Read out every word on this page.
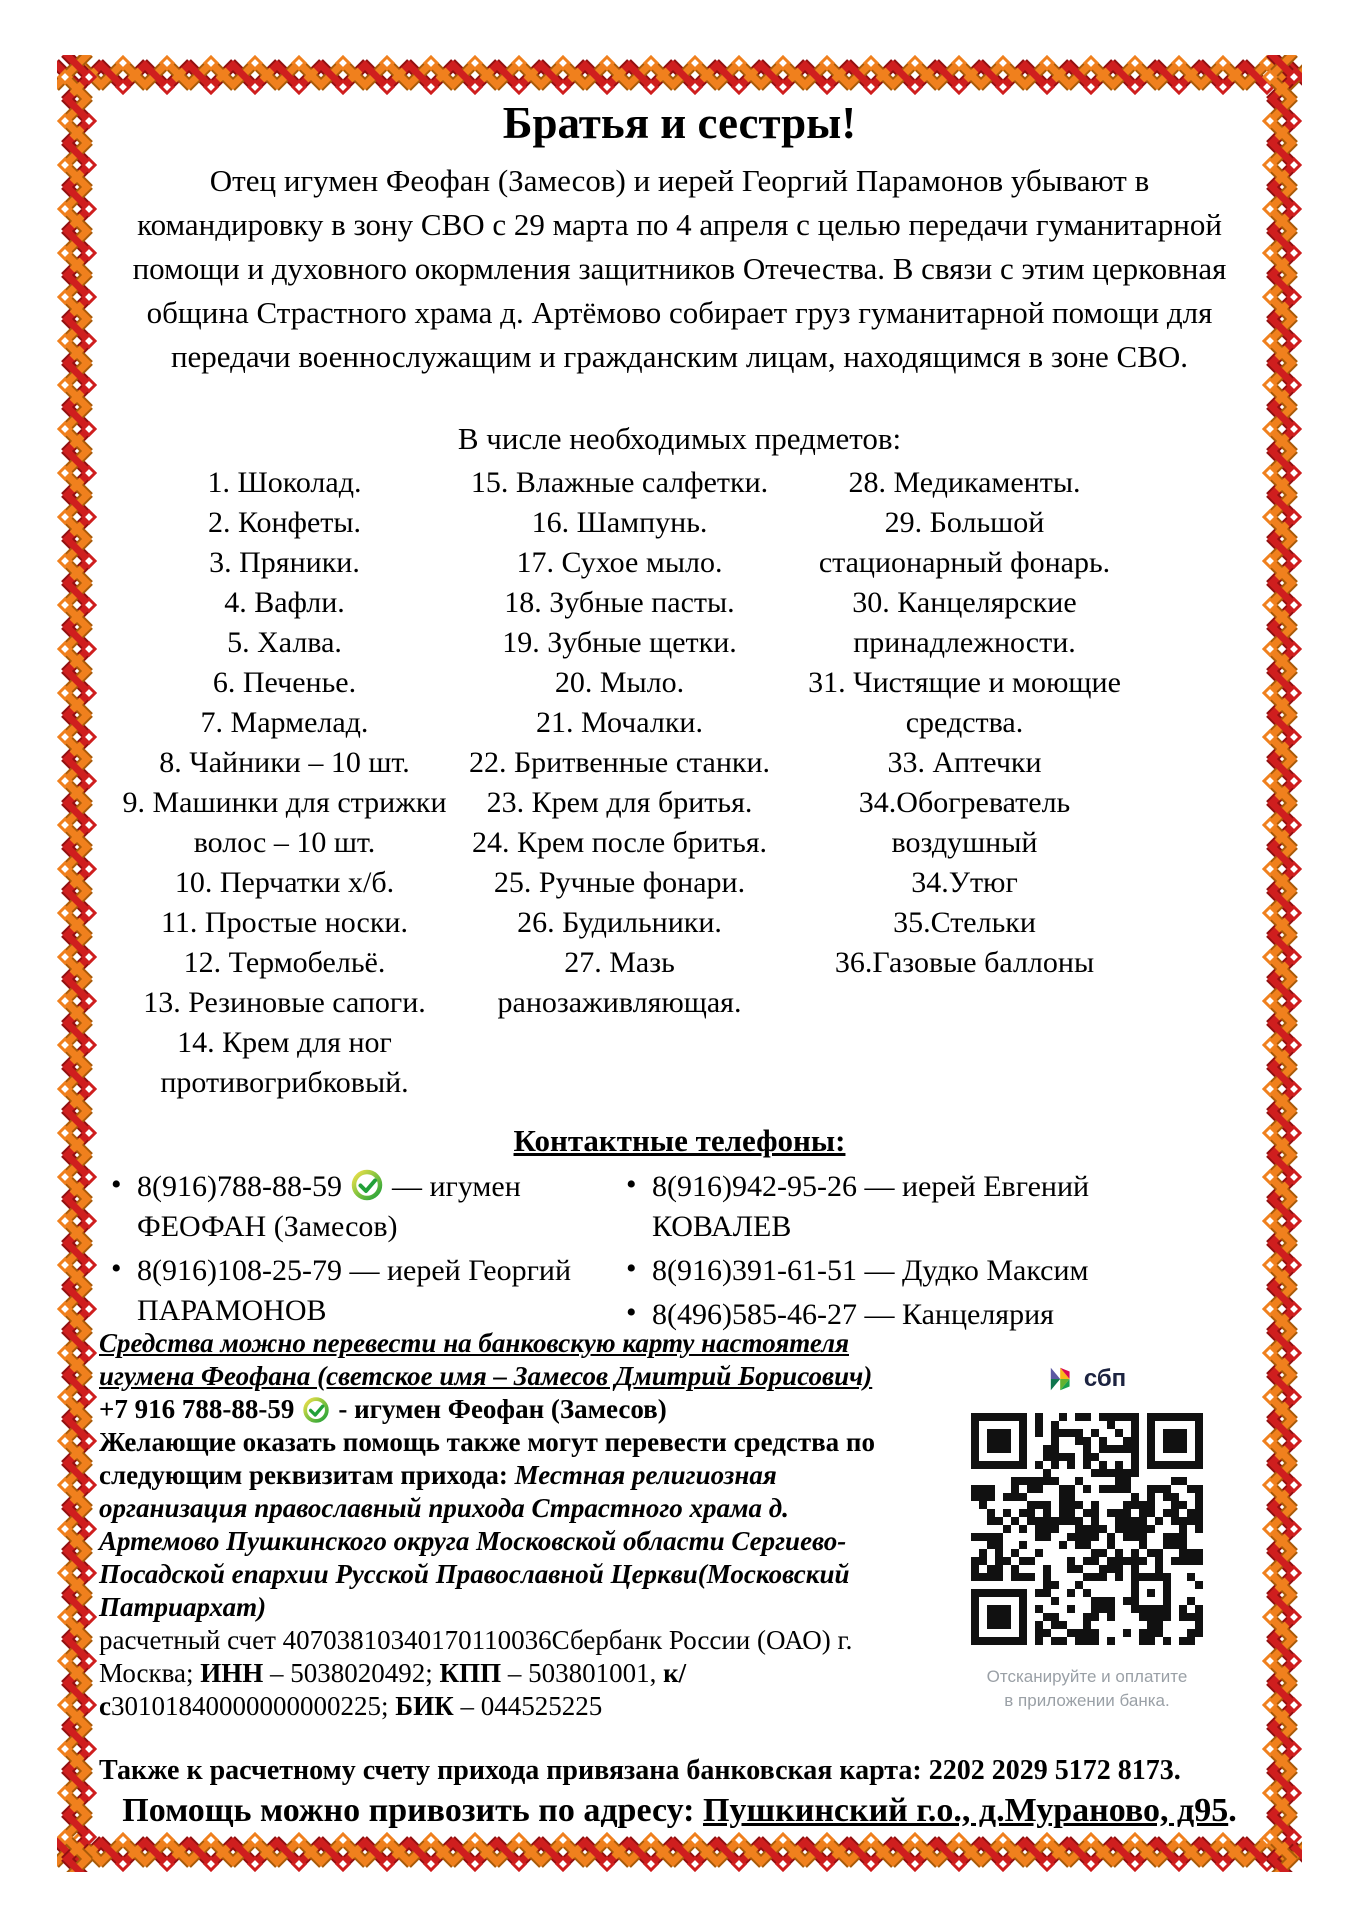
Братья и сестры!
Отец игумен Феофан (Замесов) и иерей Георгий Парамонов убывают в командировку в зону СВО с 29 марта по 4 апреля с целью передачи гуманитарной помощи и духовного окормления защитников Отечества. В связи с этим церковная община Страстного храма д. Артёмово собирает груз гуманитарной помощи для передачи военнослужащим и гражданским лицам, находящимся в зоне СВО.
В числе необходимых предметов:
1. Шоколад.
2. Конфеты.
3. Пряники.
4. Вафли.
5. Халва.
6. Печенье.
7. Мармелад.
8. Чайники – 10 шт.
9. Машинки для стрижки волос – 10 шт.
10. Перчатки х/б.
11. Простые носки.
12. Термобельё.
13. Резиновые сапоги.
14. Крем для ног противогрибковый.
15. Влажные салфетки.
16. Шампунь.
17. Сухое мыло.
18. Зубные пасты.
19. Зубные щетки.
20. Мыло.
21. Мочалки.
22. Бритвенные станки.
23. Крем для бритья.
24. Крем после бритья.
25. Ручные фонари.
26. Будильники.
27. Мазь ранозаживляющая.
28. Медикаменты.
29. Большой стационарный фонарь.
30. Канцелярские принадлежности.
31. Чистящие и моющие средства.
33. Аптечки
34.Обогреватель воздушный
34.Утюг
35.Стельки
36.Газовые баллоны
Контактные телефоны:
• 8(916)788-88-59 — игумен ФЕОФАН (Замесов)
• 8(916)108-25-79 — иерей Георгий ПАРАМОНОВ
• 8(916)942-95-26 — иерей Евгений КОВАЛЕВ
• 8(916)391-61-51 — Дудко Максим
• 8(496)585-46-27 — Канцелярия

Средства можно перевести на банковскую карту настоятеля игумена Феофана (светское имя – Замесов Дмитрий Борисович)

+7 916 788-88-59 - игумен Феофан (Замесов)

Желающие оказать помощь также могут перевести средства по следующим реквизитам прихода: Местная религиозная организация православный прихода Страстного храма д. Артемово Пушкинского округа Московской области Сергиево-Посадской епархии Русской Православной Церкви(Московский Патриархат)

расчетный счет 40703810340170110036Сбербанк России (ОАО) г. Москва; ИНН – 5038020492; КПП – 503801001, к/с30101840000000000225; БИК – 044525225

сбп
Отсканируйте и оплатите
в приложении банка.
Также к расчетному счету прихода привязана банковская карта: 2202 2029 5172 8173.
Помощь можно привозить по адресу: Пушкинский г.о., д.Мураново, д95.
